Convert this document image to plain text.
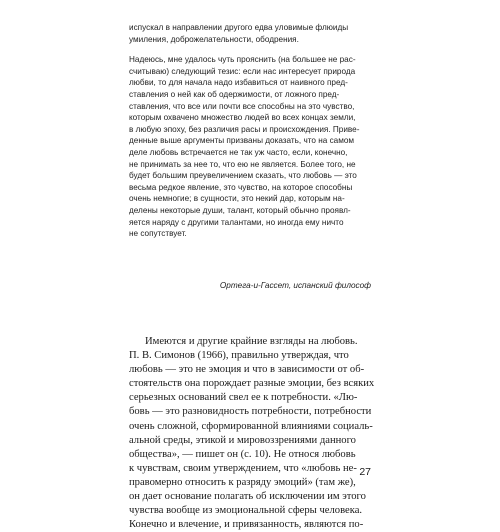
испускал в направлении другого едва уловимые флюиды
умиления, доброжелательности, ободрения.
Надеюсь, мне удалось чуть прояснить (на большее не рас-
считываю) следующий тезис: если нас интересует природа
любви, то для начала надо избавиться от наивного пред-
ставления о ней как об одержимости, от ложного пред-
ставления, что все или почти все способны на это чувство,
которым охвачено множество людей во всех концах земли,
в любую эпоху, без различия расы и происхождения. Приве-
денные выше аргументы призваны доказать, что на самом
деле любовь встречается не так уж часто, если, конечно,
не принимать за нее то, что ею не является. Более того, не
будет большим преувеличением сказать, что любовь — это
весьма редкое явление, это чувство, на которое способны
очень немногие; в сущности, это некий дар, которым на-
делены некоторые души, талант, который обычно проявл-
яется наряду с другими талантами, но иногда ему ничто
не сопутствует.
Ортега-и-Гассет, испанский философ
Имеются и другие крайние взгляды на любовь.
П. В. Симонов (1966), правильно утверждая, что
любовь — это не эмоция и что в зависимости от об-
стоятельств она порождает разные эмоции, без всяких
серьезных оснований свел ее к потребности. «Лю-
бовь — это разновидность потребности, потребности
очень сложной, сформированной влияниями социаль-
альной среды, этикой и мировоззрениями данного
общества», — пишет он (с. 10). Не относя любовь
к чувствам, своим утверждением, что «любовь не-
правомерно относить к разряду эмоций» (там же),
он дает основание полагать об исключении им этого
чувства вообще из эмоциональной сферы человека.
Конечно и влечение, и привязанность, являются по-
27
